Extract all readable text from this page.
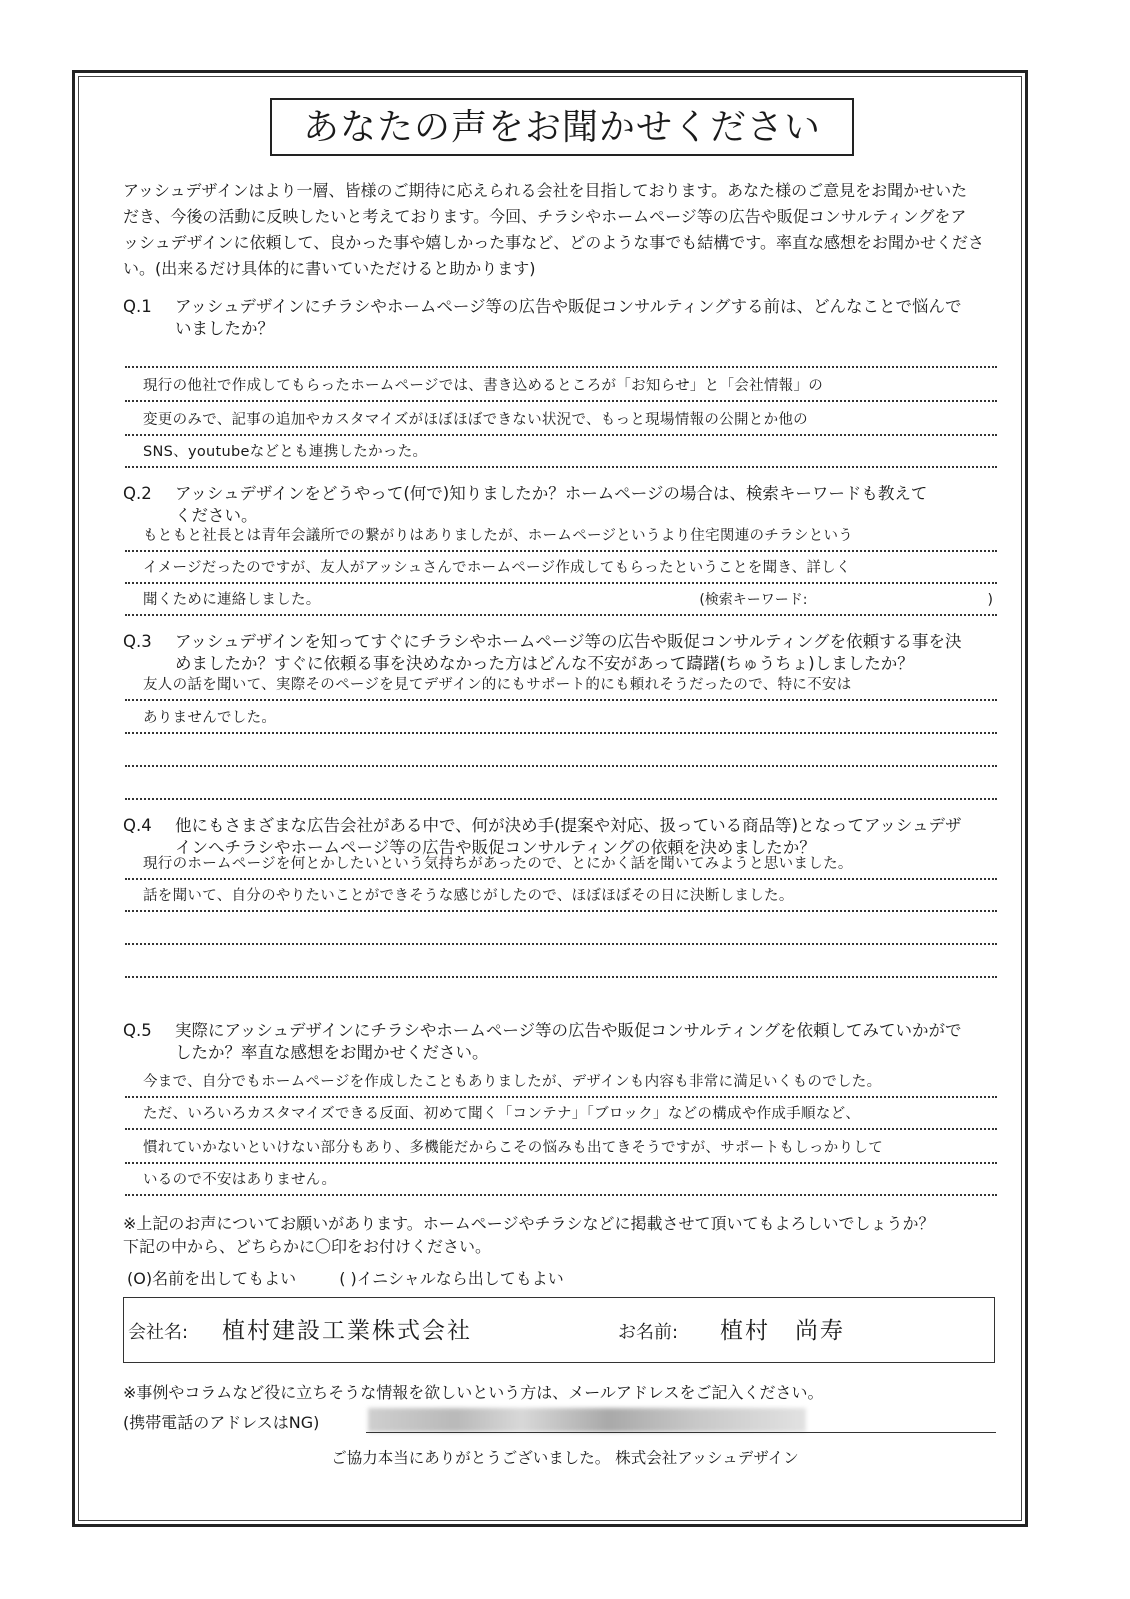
あなたの声をお聞かせください
アッシュデザインはより一層、皆様のご期待に応えられる会社を目指しております。あなた様のご意見をお聞かせいた
だき、今後の活動に反映したいと考えております。今回、チラシやホームページ等の広告や販促コンサルティングをア
ッシュデザインに依頼して、良かった事や嬉しかった事など、どのような事でも結構です。率直な感想をお聞かせくださ
い。(出来るだけ具体的に書いていただけると助かります)
Q.1	アッシュデザインにチラシやホームページ等の広告や販促コンサルティングする前は、どんなことで悩んで
いましたか？
現行の他社で作成してもらったホームページでは、書き込めるところが「お知らせ」と「会社情報」の
変更のみで、記事の追加やカスタマイズがほぼほぼできない状況で、もっと現場情報の公開とか他の
SNS、youtubeなどとも連携したかった。
Q.2	アッシュデザインをどうやって(何で)知りましたか？ホームページの場合は、検索キーワードも教えて
ください。
もともと社長とは青年会議所での繋がりはありましたが、ホームページというより住宅関連のチラシという
イメージだったのですが、友人がアッシュさんでホームページ作成してもらったということを聞き、詳しく
聞くために連絡しました。	(検索キーワード:	)
Q.3	アッシュデザインを知ってすぐにチラシやホームページ等の広告や販促コンサルティングを依頼する事を決
めましたか？すぐに依頼る事を決めなかった方はどんな不安があって躊躇(ちゅうちょ)しましたか？
友人の話を聞いて、実際そのページを見てデザイン的にもサポート的にも頼れそうだったので、特に不安は
ありませんでした。
Q.4	他にもさまざまな広告会社がある中で、何が決め手(提案や対応、扱っている商品等)となってアッシュデザ
インへチラシやホームページ等の広告や販促コンサルティングの依頼を決めましたか？
現行のホームページを何とかしたいという気持ちがあったので、とにかく話を聞いてみようと思いました。
話を聞いて、自分のやりたいことができそうな感じがしたので、ほぼほぼその日に決断しました。
Q.5	実際にアッシュデザインにチラシやホームページ等の広告や販促コンサルティングを依頼してみていかがで
したか？率直な感想をお聞かせください。
今まで、自分でもホームページを作成したこともありましたが、デザインも内容も非常に満足いくものでした。
ただ、いろいろカスタマイズできる反面、初めて聞く「コンテナ」「ブロック」などの構成や作成手順など、
慣れていかないといけない部分もあり、多機能だからこその悩みも出てきそうですが、サポートもしっかりして
いるので不安はありません。
※上記のお声についてお願いがあります。ホームページやチラシなどに掲載させて頂いてもよろしいでしょうか？
下記の中から、どちらかに〇印をお付けください。
(O)名前を出してもよい	( )イニシャルなら出してもよい
会社名: 植村建設工業株式会社	お名前: 植村　尚寿
※事例やコラムなど役に立ちそうな情報を欲しいという方は、メールアドレスをご記入ください。
(携帯電話のアドレスはNG)
ご協力本当にありがとうございました。 株式会社アッシュデザイン
